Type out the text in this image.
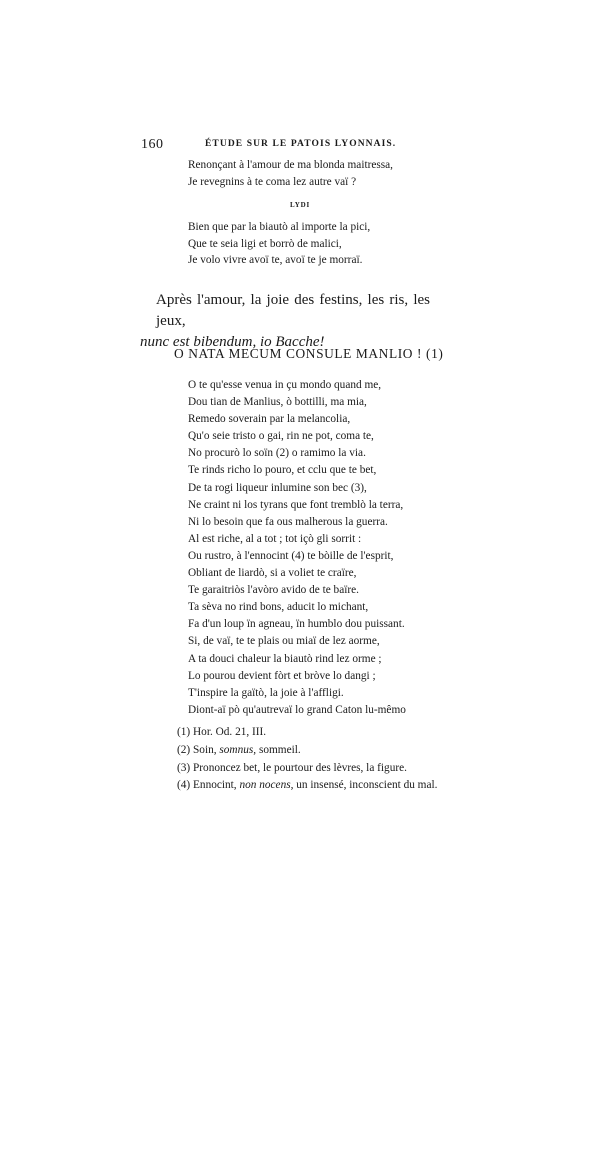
160	ÉTUDE SUR LE PATOIS LYONNAIS.
Renonçant à l'amour de ma blonda maitressa,
Je revegnins à te coma lez autre vaï ?
LYDI
Bien que par la biautò al importe la pici,
Que te seia ligi et borrò de malici,
Je volo vivre avoï te, avoï te je morraï.
Après l'amour, la joie des festins, les ris, les jeux,
nunc est bibendum, io Bacche!
O NATA MECUM CONSULE MANLIO ! (1)
O te qu'esse venua in çu mondo quand me,
Dou tian de Manlius, ò bottilli, ma mia,
Remedo soverain par la melancolia,
Qu'o seie tristo o gai, rin ne pot, coma te,
No procurò lo soïn (2) o ramimo la via.
Te rinds richo lo pouro, et cclu que te bet,
De ta rogi liqueur inlumine son bec (3),
Ne craint ni los tyrans que font tremblò la terra,
Ni lo besoin que fa ous malherous la guerra.
Al est riche, al a tot ; tot içò gli sorrit :
Ou rustro, à l'ennocint (4) te bòille de l'esprit,
Obliant de liardò, si a voliet te craïre,
Te garaitriòs l'avòro avido de te baïre.
Ta sèva no rind bons, aducit lo michant,
Fa d'un loup ïn agneau, ïn humblo dou puissant.
Si, de vaï, te te plais ou miaï de lez aorme,
A ta douci chaleur la biautò rind lez orme ;
Lo pourou devient fòrt et bròve lo dangi ;
T'inspire la gaïtò, la joie à l'affligi.
Diont-aï pò qu'autrevaï lo grand Caton lu-mêmo
(1) Hor. Od. 21, III.
(2) Soin, somnus, sommeil.
(3) Prononcez bet, le pourtour des lèvres, la figure.
(4) Ennocint, non nocens, un insensé, inconscient du mal.
